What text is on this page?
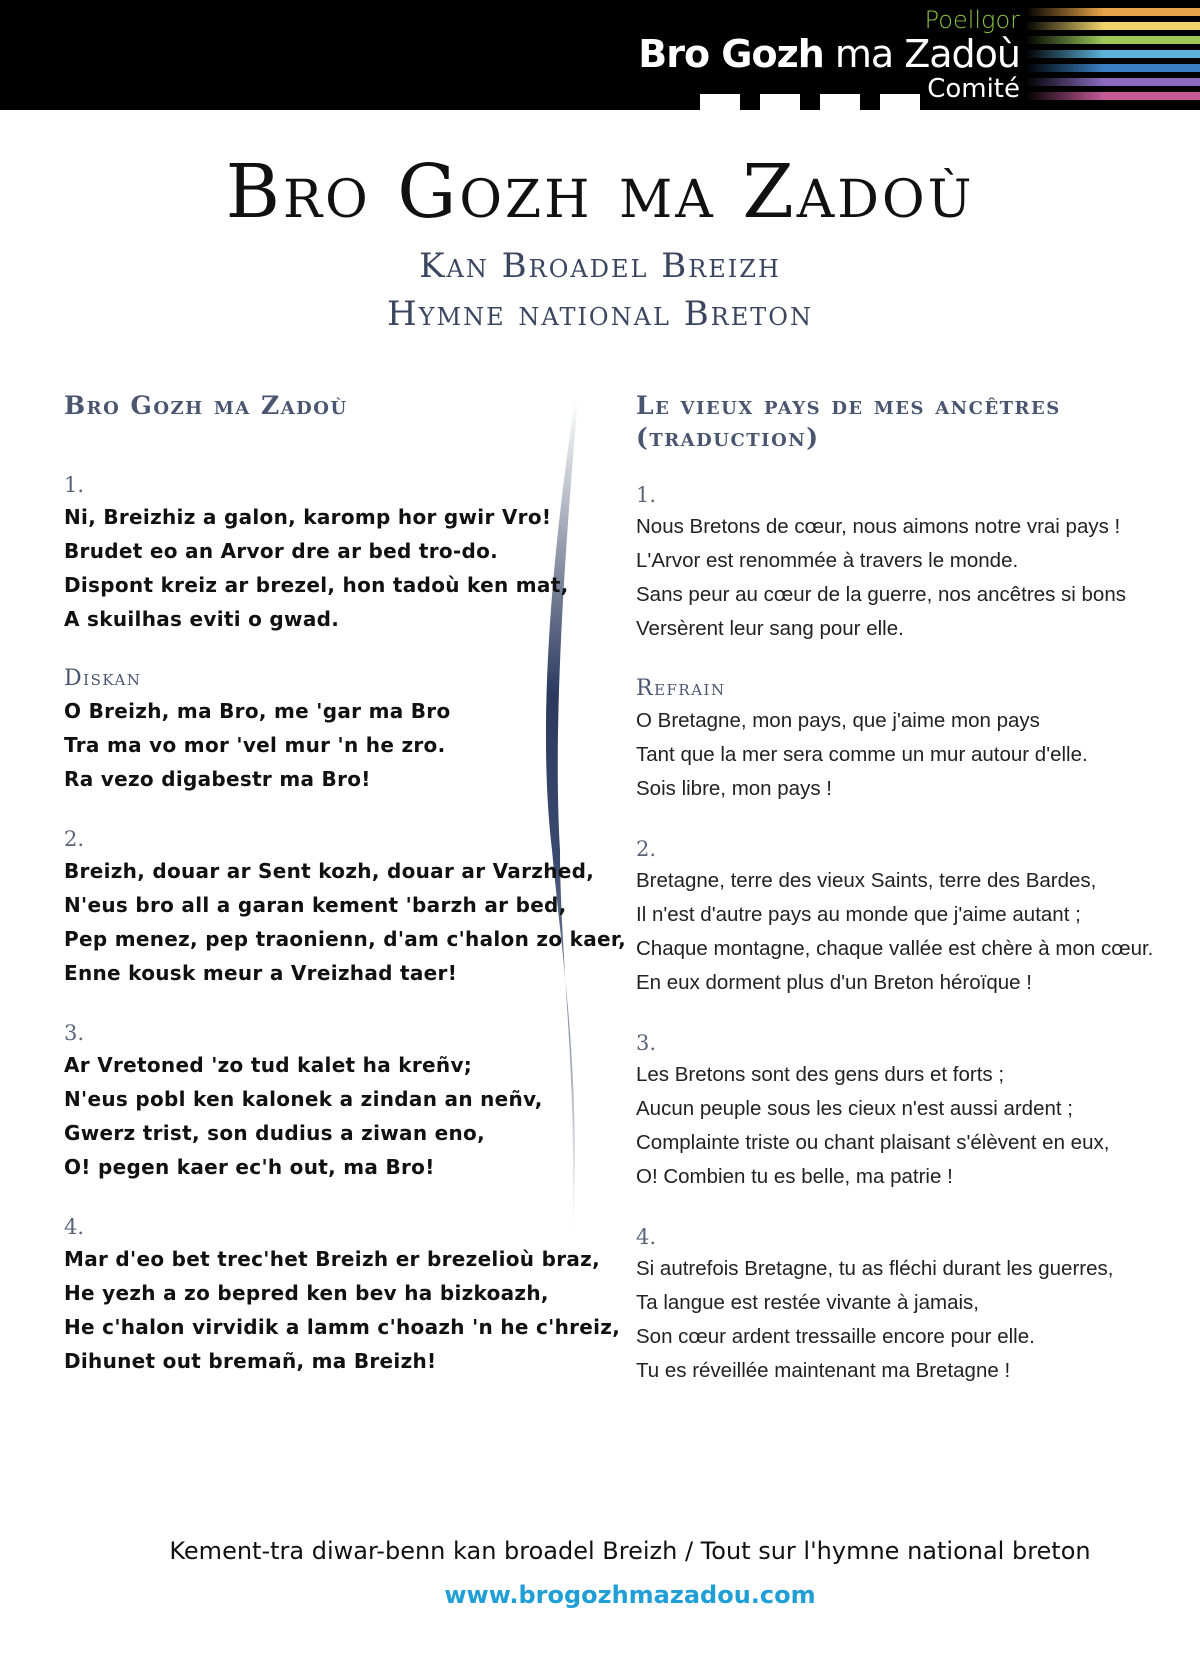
Poellgor
Bro Gozh ma Zadoù
Comité
Bro Gozh ma Zadoù
Kan Broadel Breizh
Hymne national Breton
Bro Gozh ma Zadoù
1.
Ni, Breizhiz a galon, karomp hor gwir Vro!
Brudet eo an Arvor dre ar bed tro-do.
Dispont kreiz ar brezel, hon tadoù ken mat,
A skuilhas eviti o gwad.
Diskan
O Breizh, ma Bro, me 'gar ma Bro
Tra ma vo mor 'vel mur 'n he zro.
Ra vezo digabestr ma Bro!
2.
Breizh, douar ar Sent kozh, douar ar Varzhed,
N'eus bro all a garan kement 'barzh ar bed,
Pep menez, pep traonienn, d'am c'halon zo kaer,
Enne kousk meur a Vreizhad taer!
3.
Ar Vretoned 'zo tud kalet ha kreñv;
N'eus pobl ken kalonek a zindan an neñv,
Gwerz trist, son dudius a ziwan eno,
O! pegen kaer ec'h out, ma Bro!
4.
Mar d'eo bet trec'het Breizh er brezelioù braz,
He yezh a zo bepred ken bev ha bizkoazh,
He c'halon virvidik a lamm c'hoazh 'n he c'hreiz,
Dihunet out bremañ, ma Breizh!
Le vieux pays de mes ancêtres
(traduction)
1.
Nous Bretons de cœur, nous aimons notre vrai pays !
L'Arvor est renommée à travers le monde.
Sans peur au cœur de la guerre, nos ancêtres si bons
Versèrent leur sang pour elle.
Refrain
O Bretagne, mon pays, que j'aime mon pays
Tant que la mer sera comme un mur autour d'elle.
Sois libre, mon pays !
2.
Bretagne, terre des vieux Saints, terre des Bardes,
Il n'est d'autre pays au monde que j'aime autant ;
Chaque montagne, chaque vallée est chère à mon cœur.
En eux dorment plus d'un Breton héroïque !
3.
Les Bretons sont des gens durs et forts ;
Aucun peuple sous les cieux n'est aussi ardent ;
Complainte triste ou chant plaisant s'élèvent en eux,
O! Combien tu es belle, ma patrie !
4.
Si autrefois Bretagne, tu as fléchi durant les guerres,
Ta langue est restée vivante à jamais,
Son cœur ardent tressaille encore pour elle.
Tu es réveillée maintenant ma Bretagne !
Kement-tra diwar-benn kan broadel Breizh / Tout sur l'hymne national breton
www.brogozhmazadou.com
